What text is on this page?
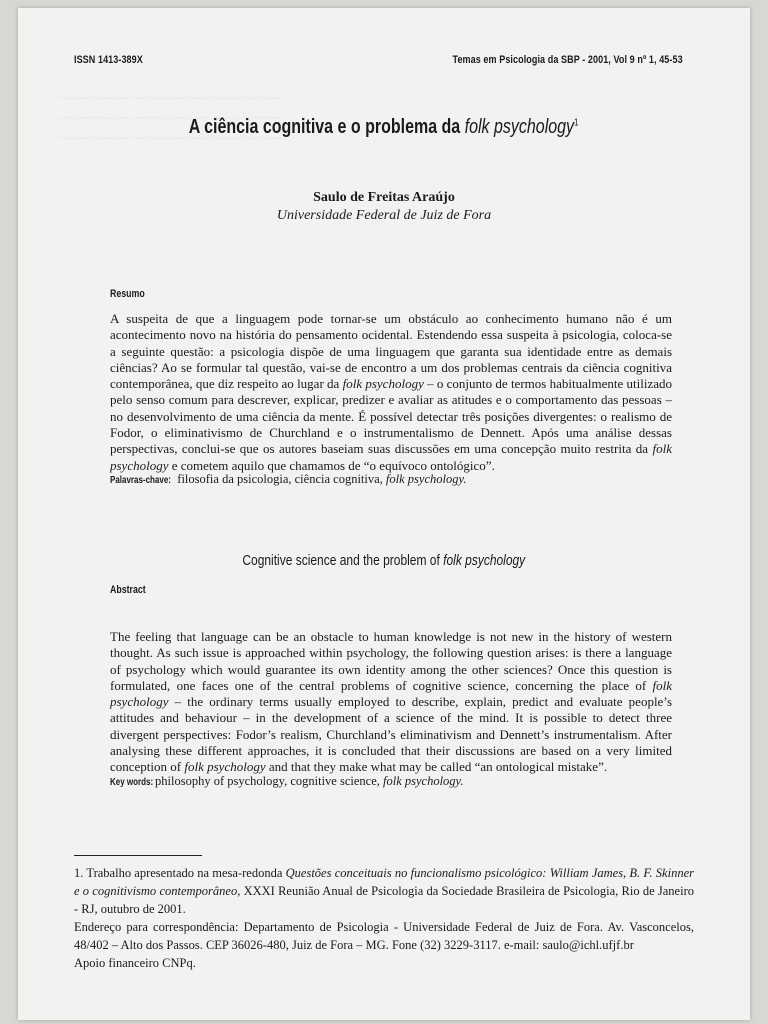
~~~~~~~~~~~~~~~~~~~~~~~~~~~~~~~~
~~~~~~~~~~~~~~~~~~~~~~~~~~~~~~~~
~~~~~~~~~~~~~~~~~~~~~~~~~~~~~~~~
ISSN 1413-389X	Temas em Psicologia da SBP - 2001, Vol 9 nº 1, 45-53
A ciência cognitiva e o problema da folk psychology$^1$
Saulo de Freitas Araújo
Universidade Federal de Juiz de Fora
Resumo
A suspeita de que a linguagem pode tornar-se um obstáculo ao conhecimento humano não é um acontecimento novo na história do pensamento ocidental. Estendendo essa suspeita à psicologia, coloca-se a seguinte questão: a psicologia dispõe de uma linguagem que garanta sua identidade entre as demais ciências? Ao se formular tal questão, vai-se de encontro a um dos problemas centrais da ciência cognitiva contemporânea, que diz respeito ao lugar da folk psychology – o conjunto de termos habitualmente utilizado pelo senso comum para descrever, explicar, predizer e avaliar as atitudes e o comportamento das pessoas – no desenvolvimento de uma ciência da mente. É possível detectar três posições divergentes: o realismo de Fodor, o eliminativismo de Churchland e o instrumentalismo de Dennett. Após uma análise dessas perspectivas, conclui-se que os autores baseiam suas discussões em uma concepção muito restrita da folk psychology e cometem aquilo que chamamos de “o equívoco ontológico”.
Palavras-chave: filosofia da psicologia, ciência cognitiva, folk psychology.
Cognitive science and the problem of folk psychology
Abstract
The feeling that language can be an obstacle to human knowledge is not new in the history of western thought. As such issue is approached within psychology, the following question arises: is there a language of psychology which would guarantee its own identity among the other sciences? Once this question is formulated, one faces one of the central problems of cognitive science, concerning the place of folk psychology – the ordinary terms usually employed to describe, explain, predict and evaluate people’s attitudes and behaviour – in the development of a science of the mind. It is possible to detect three divergent perspectives: Fodor’s realism, Churchland’s eliminativism and Dennett’s instrumentalism. After analysing these different approaches, it is concluded that their discussions are based on a very limited conception of folk psychology and that they make what may be called “an ontological mistake”.
Key words: philosophy of psychology, cognitive science, folk psychology.
1. Trabalho apresentado na mesa-redonda Questões conceituais no funcionalismo psicológico: William James, B. F. Skinner e o cognitivismo contemporâneo, XXXI Reunião Anual de Psicologia da Sociedade Brasileira de Psicologia, Rio de Janeiro - RJ, outubro de 2001.
Endereço para correspondência: Departamento de Psicologia - Universidade Federal de Juiz de Fora. Av. Vasconcelos, 48/402 – Alto dos Passos. CEP 36026-480, Juiz de Fora – MG. Fone (32) 3229-3117. e-mail: saulo@ichl.ufjf.br
Apoio financeiro CNPq.
